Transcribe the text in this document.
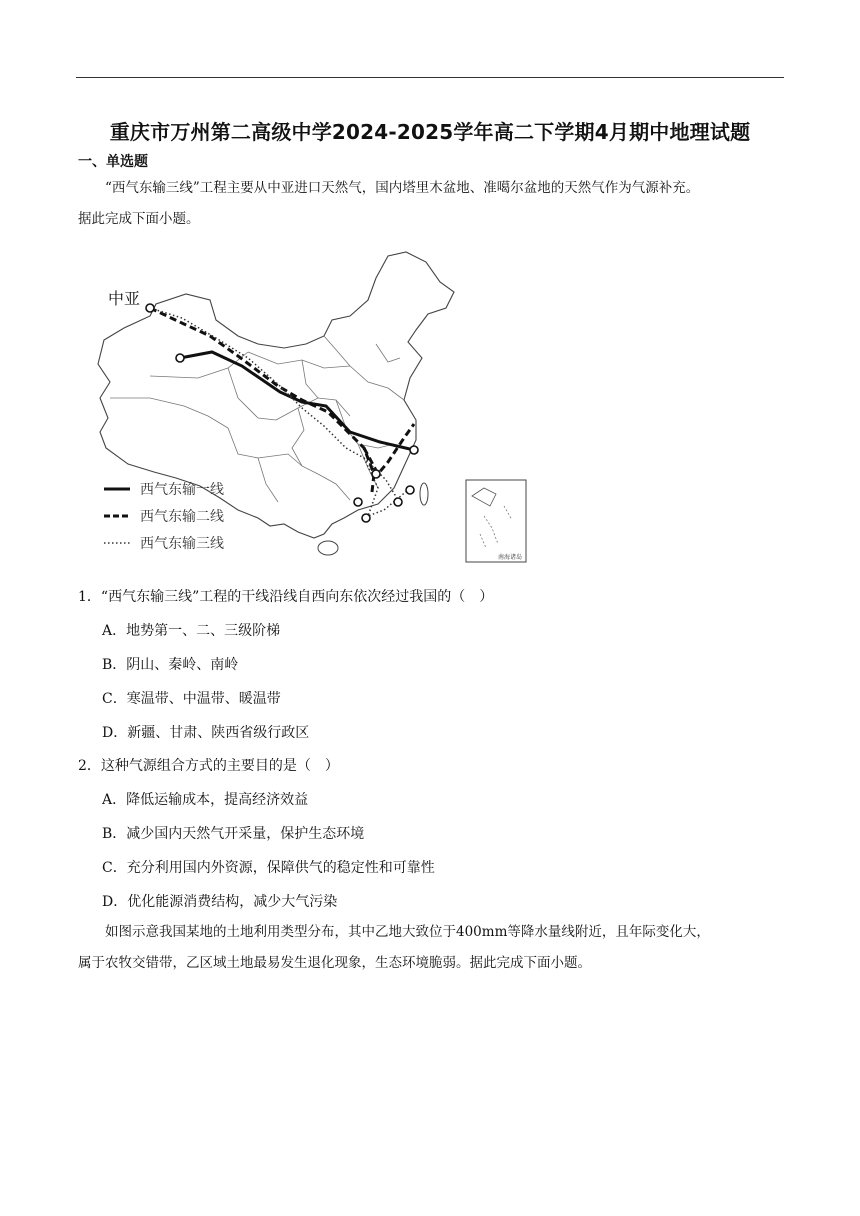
重庆市万州第二高级中学2024-2025学年高二下学期4月期中地理试题
一、单选题
“西气东输三线”工程主要从中亚进口天然气，国内塔里木盆地、准噶尔盆地的天然气作为气源补充。
据此完成下面小题。
中亚
西气东输一线
西气东输二线
西气东输三线
南海诸岛
1．“西气东输三线”工程的干线沿线自西向东依次经过我国的（　）
A．地势第一、二、三级阶梯
B．阴山、秦岭、南岭
C．寒温带、中温带、暖温带
D．新疆、甘肃、陕西省级行政区
2．这种气源组合方式的主要目的是（　）
A．降低运输成本，提高经济效益
B．减少国内天然气开采量，保护生态环境
C．充分利用国内外资源，保障供气的稳定性和可靠性
D．优化能源消费结构，减少大气污染
如图示意我国某地的土地利用类型分布，其中乙地大致位于400mm等降水量线附近，且年际变化大，
属于农牧交错带，乙区域土地最易发生退化现象，生态环境脆弱。据此完成下面小题。
